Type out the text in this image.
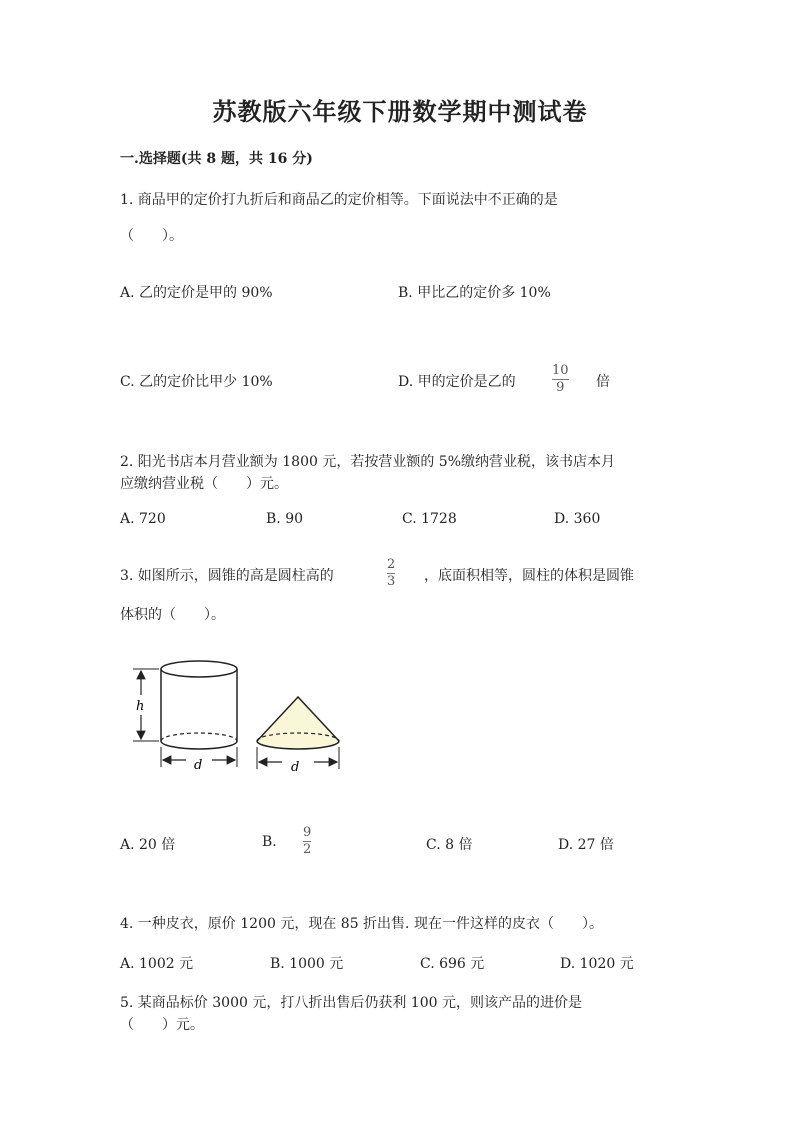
苏教版六年级下册数学期中测试卷
一.选择题(共 8 题，共 16 分)
1. 商品甲的定价打九折后和商品乙的定价相等。下面说法中不正确的是
（　　）。
A. 乙的定价是甲的 90%	B. 甲比乙的定价多 10%
C. 乙的定价比甲少 10%	D. 甲的定价是乙的
10
9 倍
2. 阳光书店本月营业额为 1800 元，若按营业额的 5%缴纳营业税，该书店本月
应缴纳营业税（　　）元。
A. 720	B. 90	C. 1728	D. 360
3. 如图所示，圆锥的高是圆柱高的
2
3 ，底面积相等，圆柱的体积是圆锥
体积的（　　）。
h
d	d
A. 20 倍	B.
9
2	C. 8 倍	D. 27 倍
4. 一种皮衣，原价 1200 元，现在 85 折出售. 现在一件这样的皮衣（　　）。
A. 1002 元	B. 1000 元	C. 696 元	D. 1020 元
5. 某商品标价 3000 元，打八折出售后仍获利 100 元，则该产品的进价是
（　　）元。
